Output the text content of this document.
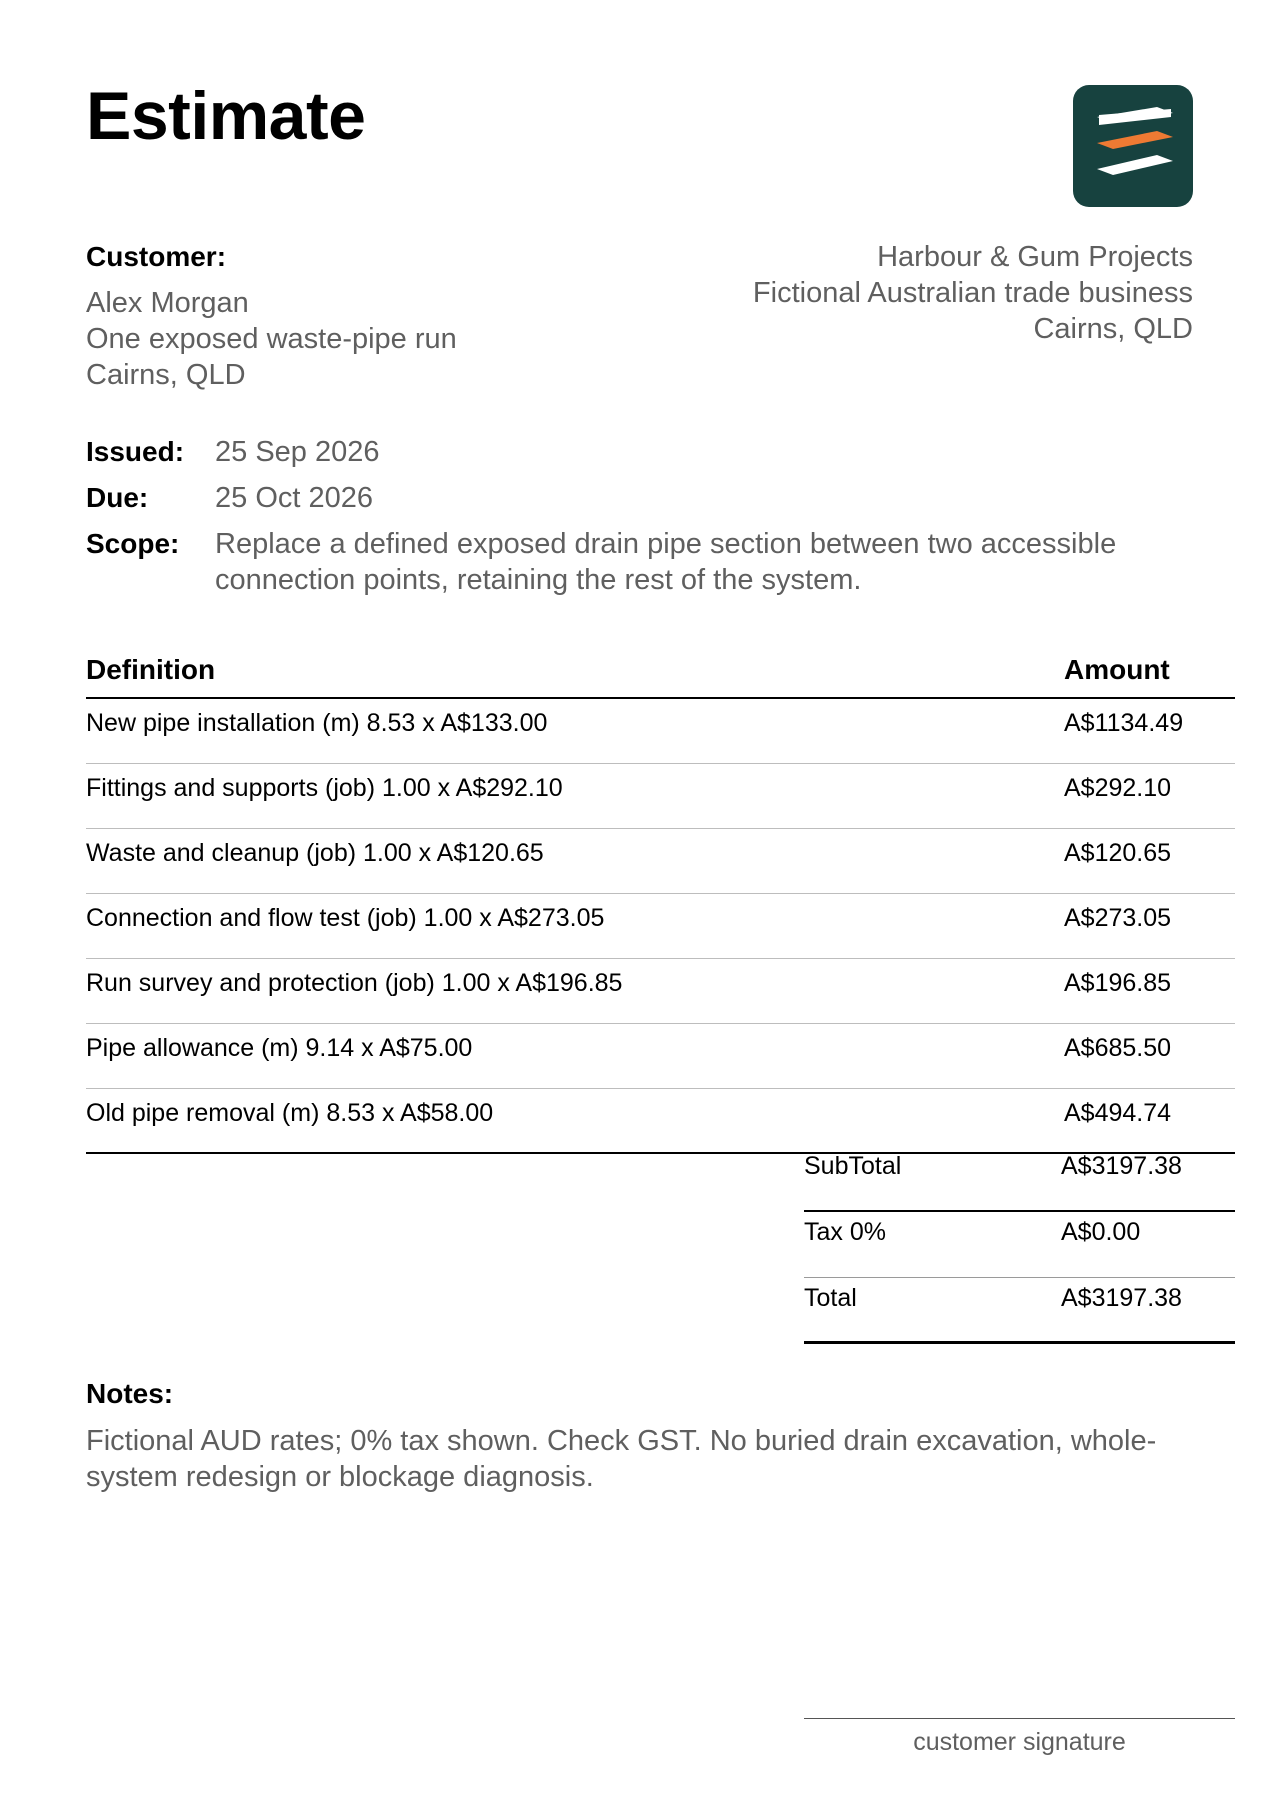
Estimate
Customer:
Alex Morgan
One exposed waste-pipe run
Cairns, QLD
Harbour & Gum Projects
Fictional Australian trade business
Cairns, QLD
Issued: 25 Sep 2026
Due: 25 Oct 2026
Scope: Replace a defined exposed drain pipe section between two accessible connection points, retaining the rest of the system.
Definition	Amount
New pipe installation (m) 8.53 x A$133.00	A$1134.49
Fittings and supports (job) 1.00 x A$292.10	A$292.10
Waste and cleanup (job) 1.00 x A$120.65	A$120.65
Connection and flow test (job) 1.00 x A$273.05	A$273.05
Run survey and protection (job) 1.00 x A$196.85	A$196.85
Pipe allowance (m) 9.14 x A$75.00	A$685.50
Old pipe removal (m) 8.53 x A$58.00	A$494.74
SubTotal	A$3197.38
Tax 0%	A$0.00
Total	A$3197.38
Notes:
Fictional AUD rates; 0% tax shown. Check GST. No buried drain excavation, whole-system redesign or blockage diagnosis.
customer signature
